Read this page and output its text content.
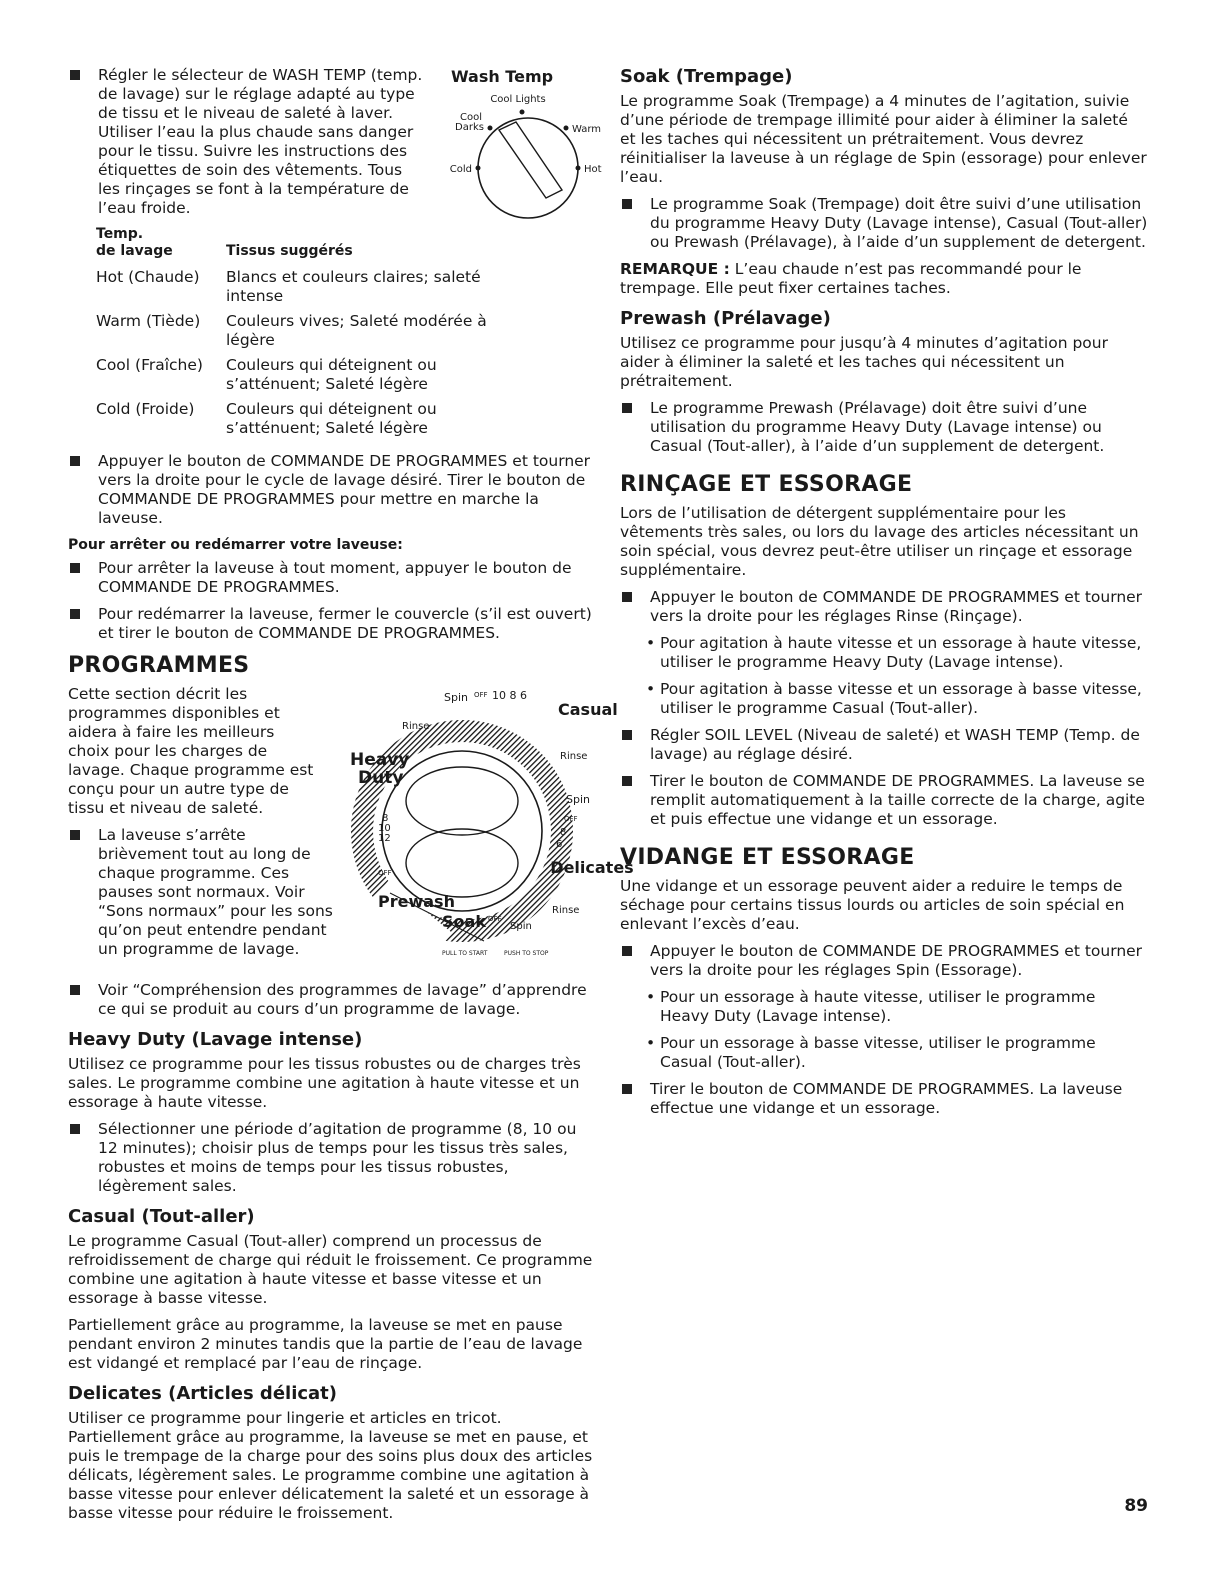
Régler le sélecteur de WASH TEMP (temp. de lavage) sur le réglage adapté au type de tissu et le niveau de saleté à laver. Utiliser l’eau la plus chaude sans danger pour le tissu. Suivre les instructions des étiquettes de soin des vêtements. Tous les rinçages se font à la température de l’eau froide.
Wash Temp
Cool Lights
Cool
Darks	Warm
Cold	Hot
Temp.
de lavage	Tissus suggérés
Hot (Chaude)	Blancs et couleurs claires; saleté intense
Warm (Tiède)	Couleurs vives; Saleté modérée à légère
Cool (Fraîche)	Couleurs qui déteignent ou s’atténuent; Saleté légère
Cold (Froide)	Couleurs qui déteignent ou s’atténuent; Saleté légère
Appuyer le bouton de COMMANDE DE PROGRAMMES et tourner vers la droite pour le cycle de lavage désiré. Tirer le bouton de COMMANDE DE PROGRAMMES pour mettre en marche la laveuse.
Pour arrêter ou redémarrer votre laveuse:
Pour arrêter la laveuse à tout moment, appuyer le bouton de COMMANDE DE PROGRAMMES.
Pour redémarrer la laveuse, fermer le couvercle (s’il est ouvert) et tirer le bouton de COMMANDE DE PROGRAMMES.
PROGRAMMES

Cette section décrit les programmes disponibles et aidera à faire les meilleurs choix pour les charges de lavage. Chaque programme est conçu pour un autre type de tissu et niveau de saleté.

La laveuse s’arrête brièvement tout au long de chaque programme. Ces pauses sont normaux. Voir “Sons normaux” pour les sons qu’on peut entendre pendant un programme de lavage.
Spin OFF 10 8 6
Casual
Rinse
Heavy
Duty
8
10
12
Rinse
Spin
OFF
8
6
Delicates
OFF
Prewash
Soak OFF
Spin
Rinse
PULL TO START	PUSH TO STOP
Voir “Compréhension des programmes de lavage” d’apprendre ce qui se produit au cours d’un programme de lavage.
Heavy Duty (Lavage intense)

Utilisez ce programme pour les tissus robustes ou de charges très sales. Le programme combine une agitation à haute vitesse et un essorage à haute vitesse.

Sélectionner une période d’agitation de programme (8, 10 ou 12 minutes); choisir plus de temps pour les tissus très sales, robustes et moins de temps pour les tissus robustes, légèrement sales.
Casual (Tout-aller)

Le programme Casual (Tout-aller) comprend un processus de refroidissement de charge qui réduit le froissement. Ce programme combine une agitation à haute vitesse et basse vitesse et un essorage à basse vitesse.

Partiellement grâce au programme, la laveuse se met en pause pendant environ 2 minutes tandis que la partie de l’eau de lavage est vidangé et remplacé par l’eau de rinçage.

Delicates (Articles délicat)

Utiliser ce programme pour lingerie et articles en tricot. Partiellement grâce au programme, la laveuse se met en pause, et puis le trempage de la charge pour des soins plus doux des articles délicats, légèrement sales. Le programme combine une agitation à basse vitesse pour enlever délicatement la saleté et un essorage à basse vitesse pour réduire le froissement.

Soak (Trempage)

Le programme Soak (Trempage) a 4 minutes de l’agitation, suivie d’une période de trempage illimité pour aider à éliminer la saleté et les taches qui nécessitent un prétraitement. Vous devrez réinitialiser la laveuse à un réglage de Spin (essorage) pour enlever l’eau.

Le programme Soak (Trempage) doit être suivi d’une utilisation du programme Heavy Duty (Lavage intense), Casual (Tout-aller) ou Prewash (Prélavage), à l’aide d’un supplement de detergent.

REMARQUE : L’eau chaude n’est pas recommandé pour le trempage. Elle peut fixer certaines taches.

Prewash (Prélavage)

Utilisez ce programme pour jusqu’à 4 minutes d’agitation pour aider à éliminer la saleté et les taches qui nécessitent un prétraitement.

Le programme Prewash (Prélavage) doit être suivi d’une utilisation du programme Heavy Duty (Lavage intense) ou Casual (Tout-aller), à l’aide d’un supplement de detergent.
RINÇAGE ET ESSORAGE

Lors de l’utilisation de détergent supplémentaire pour les vêtements très sales, ou lors du lavage des articles nécessitant un soin spécial, vous devrez peut-être utiliser un rinçage et essorage supplémentaire.

Appuyer le bouton de COMMANDE DE PROGRAMMES et tourner vers la droite pour les réglages Rinse (Rinçage).
• Pour agitation à haute vitesse et un essorage à haute vitesse, utiliser le programme Heavy Duty (Lavage intense).
• Pour agitation à basse vitesse et un essorage à basse vitesse, utiliser le programme Casual (Tout-aller).
Régler SOIL LEVEL (Niveau de saleté) et WASH TEMP (Temp. de lavage) au réglage désiré.
Tirer le bouton de COMMANDE DE PROGRAMMES. La laveuse se remplit automatiquement à la taille correcte de la charge, agite et puis effectue une vidange et un essorage.
VIDANGE ET ESSORAGE

Une vidange et un essorage peuvent aider a reduire le temps de séchage pour certains tissus lourds ou articles de soin spécial en enlevant l’excès d’eau.

Appuyer le bouton de COMMANDE DE PROGRAMMES et tourner vers la droite pour les réglages Spin (Essorage).
• Pour un essorage à haute vitesse, utiliser le programme Heavy Duty (Lavage intense).
• Pour un essorage à basse vitesse, utiliser le programme Casual (Tout-aller).
Tirer le bouton de COMMANDE DE PROGRAMMES. La laveuse effectue une vidange et un essorage.
89
